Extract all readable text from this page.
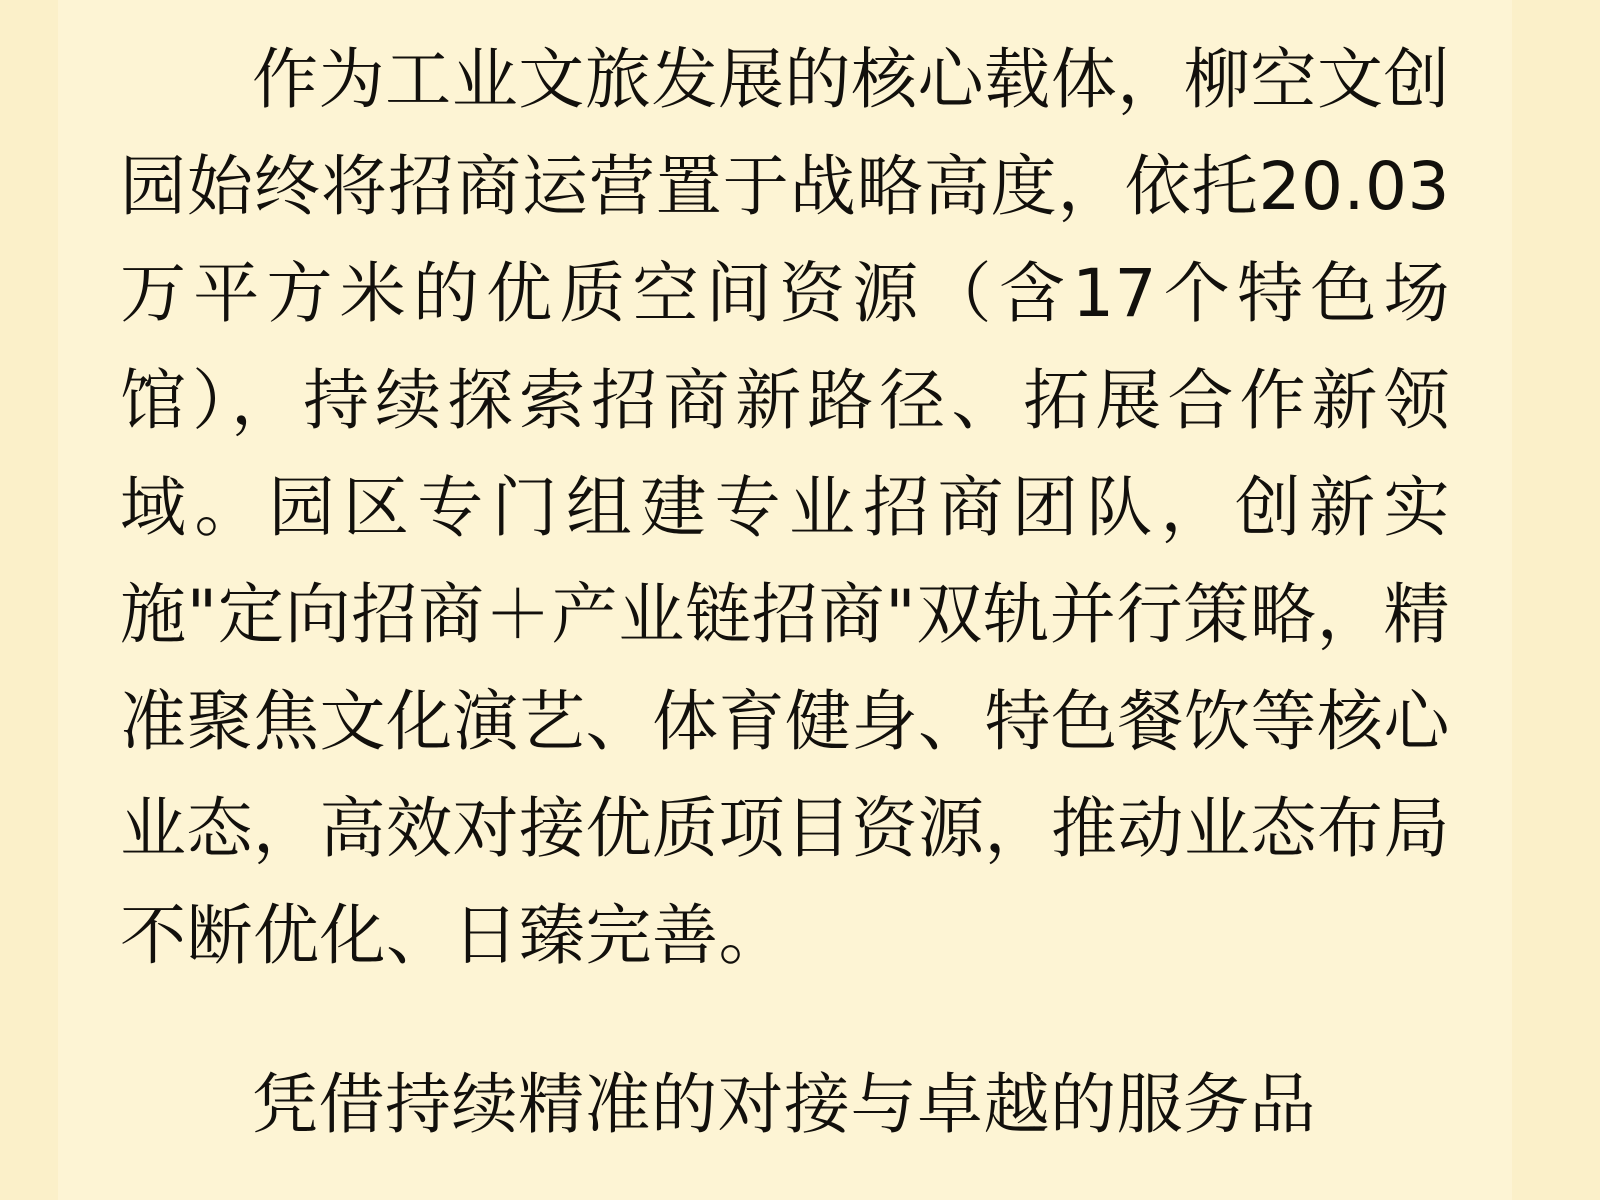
作为工业文旅发展的核心载体，柳空文创园始终将招商运营置于战略高度，依托20.03万平方米的优质空间资源（含17个特色场馆），持续探索招商新路径、拓展合作新领域。园区专门组建专业招商团队，创新实施"定向招商＋产业链招商"双轨并行策略，精准聚焦文化演艺、体育健身、特色餐饮等核心业态，高效对接优质项目资源，推动业态布局不断优化、日臻完善。

凭借持续精准的对接与卓越的服务品
